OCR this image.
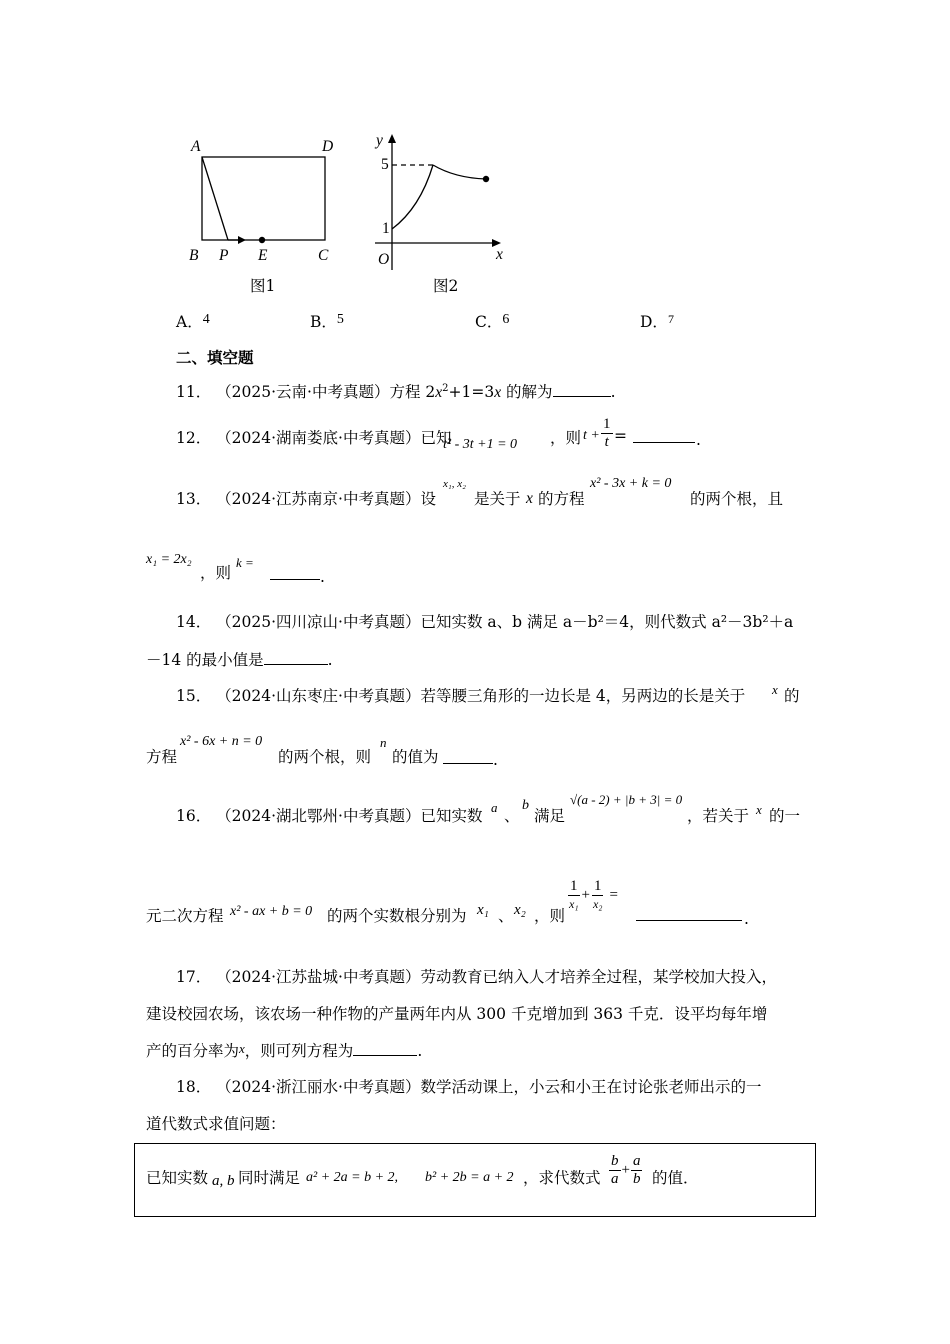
A	D
B P E	C
图1
y
5
1
O	x
图2
A．4	B．5	C．6	D．$^7$
二、填空题
11． （2025·云南·中考真题）方程 $2x^2+1=3x$ 的解为	.
12． （2024·湖南娄底·中考真题）已知
t² - 3t +1 = 0 ，则 $t + \frac{1}{t}$ =	.
13． （2024·江苏南京·中考真题）设
x₁, x₂
是关于 x 的方程
x² - 3x + k = 0
的两个根，且
x₁ = 2x₂
，则
k =
.
14． （2025·四川凉山·中考真题）已知实数 a、b 满足 a－b²＝4，则代数式 a²－3b²＋a
－14 的最小值是	.
15． （2024·山东枣庄·中考真题）若等腰三角形的一边长是 4，另两边的长是关于 x 的
方程
x² - 6x + n = 0
的两个根，则
n
的值为	.
16． （2024·湖北鄂州·中考真题）已知实数 a 、
b
满足
√(a - 2) + |b + 3| = 0
，若关于 x 的一
元二次方程 x² - ax + b = 0 的两个实数根分别为 x₁ 、 x₂ ，则
$\frac{1}{\text{x₁}} + \frac{1}{\text{x₂}}$ =
.
17． （2024·江苏盐城·中考真题）劳动教育已纳入人才培养全过程，某学校加大投入，
建设校园农场，该农场一种作物的产量两年内从 300 千克增加到 363 千克．设平均每年增
产的百分率为x，则可列方程为	.
18． （2024·浙江丽水·中考真题）数学活动课上，小云和小王在讨论张老师出示的一
道代数式求值问题：
已知实数 a, b 同时满足 a² + 2a = b + 2, b² + 2b = a + 2 ，求代数式 $\frac{b}{a} + \frac{a}{b}$ 的值．
